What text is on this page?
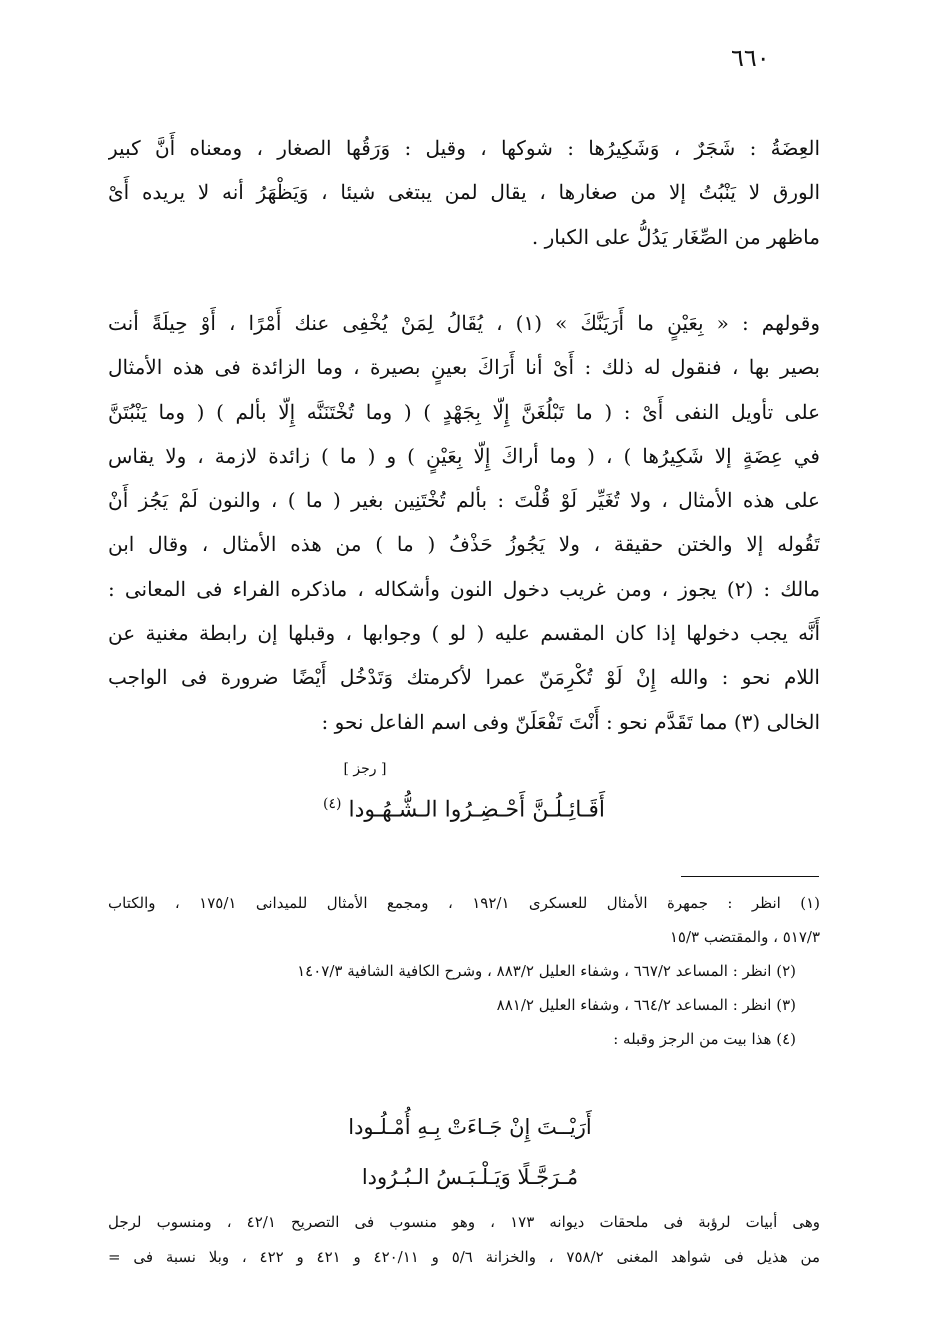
٦٦٠
العِضَةُ : شَجَرٌ ، وَشَكِيرُها : شوكها ، وقيل : وَرَقُها الصغار ، ومعناه أَنَّ كبير
الورق لا يَنْبُتُ إلا من صغارها ، يقال لمن يبتغى شيئا ، وَيَظْهَرُ أنه لا يريده أَىْ
ماظهر من الصِّغَار يَدُلُّ على الكبار .
وقولهم : « بِعَيْنٍ ما أَرَيَنَّكَ » (١) ، يُقَالُ لِمَنْ يُخْفِى عنك أَمْرًا ، أَوْ حِيلَةً أنت
بصير بها ، فنقول له ذلك : أَىْ أنا أَرَاكَ بعينٍ بصيرة ، وما الزائدة فى هذه الأمثال
على تأويل النفى أَىْ : ( ما تَبْلُغَنَّ إِلّا بِجَهْدٍ ) ( وما تُخْتَنَنَّه إِلّا بألم ) ( وما يَنْبُتَنَّ
في عِضَةٍ إلا شَكِيرُها ) ، ( وما أراكَ إِلّا بِعَيْنٍ ) و ( ما ) زائدة لازمة ، ولا يقاس
على هذه الأمثال ، ولا تُغَيِّر لَوْ قُلْتَ : بألم تُخْتَنِين بغير ( ما ) ، والنون لَمْ يَجُز أَنْ
تَقُوله إلا والختن حقيقة ، ولا يَجُوزُ حَذْفُ ( ما ) من هذه الأمثال ، وقال ابن
مالك : (٢) يجوز ، ومن غريب دخول النون وأشكاله ، ماذكره الفراء فى المعانى :
أَنَّه يجب دخولها إذا كان المقسم عليه ( لو ) وجوابها ، وقبلها إن رابطة مغنية عن
اللام نحو : والله إِنْ لَوْ تُكْرِمَنّ عمرا لأكرمتك وَتَدْخُل أَيْضًا ضرورة فى الواجب
الخالى (٣) مما تَقَدَّم نحو : أَنْتَ تَفْعَلَنّ وفى اسم الفاعل نحو :
[ رجز ]
أَقَـائِـلُـنَّ أَحْـضِـرُوا الـشُّـهُـودا $^{(٤)}$
(١) انظر : جمهرة الأمثال للعسكرى ١٩٢/١ ، ومجمع الأمثال للميدانى ١٧٥/١ ، والكتاب
٥١٧/٣ ، والمقتضب ١٥/٣
(٢) انظر : المساعد ٦٦٧/٢ ، وشفاء العليل ٨٨٣/٢ ، وشرح الكافية الشافية ١٤٠٧/٣
(٣) انظر : المساعد ٦٦٤/٢ ، وشفاء العليل ٨٨١/٢
(٤) هذا بيت من الرجز وقبله :
أَرَيْــتَ إِنْ جَـاءَتْ بِـهِ أُمْـلُـودا
مُـرَجَّـلًا وَيَـلْـبَـسُ الـبُـرُودا
وهى أبيات لرؤبة فى ملحقات ديوانه ١٧٣ ، وهو منسوب فى التصريح ٤٢/١ ، ومنسوب لرجل
من هذيل فى شواهد المغنى ٧٥٨/٢ ، والخزانة ٥/٦ و ٤٢٠/١١ و ٤٢١ و ٤٢٢ ، وبلا نسبة فى =
